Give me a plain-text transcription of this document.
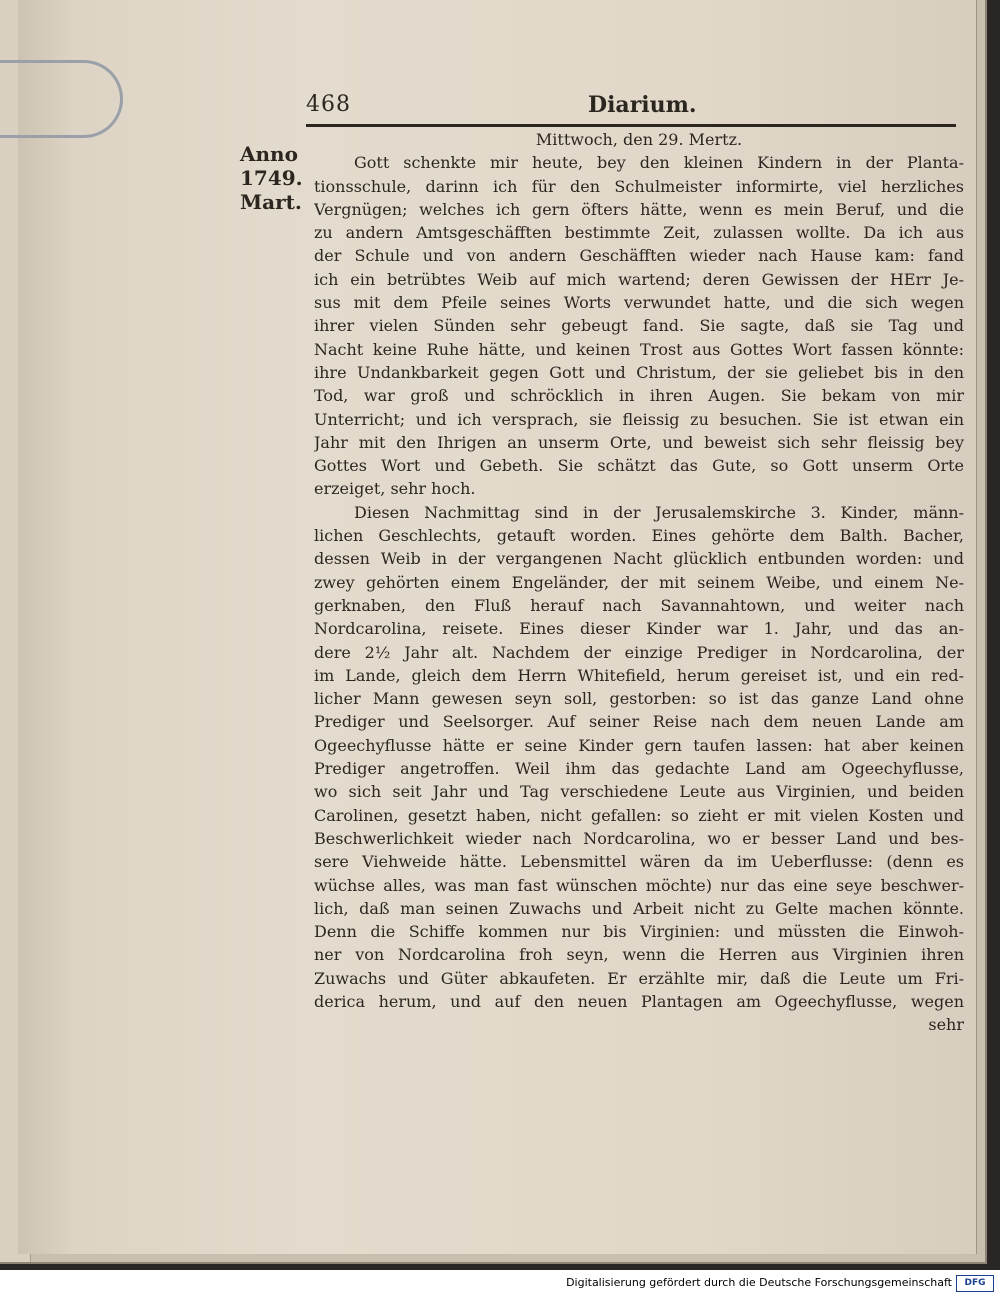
468	Diarium.
Anno
1749.
Mart.
Mittwoch, den 29. Mertz.
Gott schenkte mir heute, bey den kleinen Kindern in der Planta-
tionsschule, darinn ich für den Schulmeister informirte, viel herzliches
Vergnügen; welches ich gern öfters hätte, wenn es mein Beruf, und die
zu andern Amtsgeschäfften bestimmte Zeit, zulassen wollte. Da ich aus
der Schule und von andern Geschäfften wieder nach Hause kam: fand
ich ein betrübtes Weib auf mich wartend; deren Gewissen der HErr Je-
sus mit dem Pfeile seines Worts verwundet hatte, und die sich wegen
ihrer vielen Sünden sehr gebeugt fand. Sie sagte, daß sie Tag und
Nacht keine Ruhe hätte, und keinen Trost aus Gottes Wort fassen könnte:
ihre Undankbarkeit gegen Gott und Christum, der sie geliebet bis in den
Tod, war groß und schröcklich in ihren Augen. Sie bekam von mir
Unterricht; und ich versprach, sie fleissig zu besuchen. Sie ist etwan ein
Jahr mit den Ihrigen an unserm Orte, und beweist sich sehr fleissig bey
Gottes Wort und Gebeth. Sie schätzt das Gute, so Gott unserm Orte
erzeiget, sehr hoch.
Diesen Nachmittag sind in der Jerusalemskirche 3. Kinder, männ-
lichen Geschlechts, getauft worden. Eines gehörte dem Balth. Bacher,
dessen Weib in der vergangenen Nacht glücklich entbunden worden: und
zwey gehörten einem Engeländer, der mit seinem Weibe, und einem Ne-
gerknaben, den Fluß herauf nach Savannahtown, und weiter nach
Nordcarolina, reisete. Eines dieser Kinder war 1. Jahr, und das an-
dere 2½ Jahr alt. Nachdem der einzige Prediger in Nordcarolina, der
im Lande, gleich dem Herrn Whitefield, herum gereiset ist, und ein red-
licher Mann gewesen seyn soll, gestorben: so ist das ganze Land ohne
Prediger und Seelsorger. Auf seiner Reise nach dem neuen Lande am
Ogeechyflusse hätte er seine Kinder gern taufen lassen: hat aber keinen
Prediger angetroffen. Weil ihm das gedachte Land am Ogeechyflusse,
wo sich seit Jahr und Tag verschiedene Leute aus Virginien, und beiden
Carolinen, gesetzt haben, nicht gefallen: so zieht er mit vielen Kosten und
Beschwerlichkeit wieder nach Nordcarolina, wo er besser Land und bes-
sere Viehweide hätte. Lebensmittel wären da im Ueberflusse: (denn es
wüchse alles, was man fast wünschen möchte) nur das eine seye beschwer-
lich, daß man seinen Zuwachs und Arbeit nicht zu Gelte machen könnte.
Denn die Schiffe kommen nur bis Virginien: und müssten die Einwoh-
ner von Nordcarolina froh seyn, wenn die Herren aus Virginien ihren
Zuwachs und Güter abkaufeten. Er erzählte mir, daß die Leute um Fri-
derica herum, und auf den neuen Plantagen am Ogeechyflusse, wegen
sehr
Digitalisierung gefördert durch die Deutsche Forschungsgemeinschaft	DFG
